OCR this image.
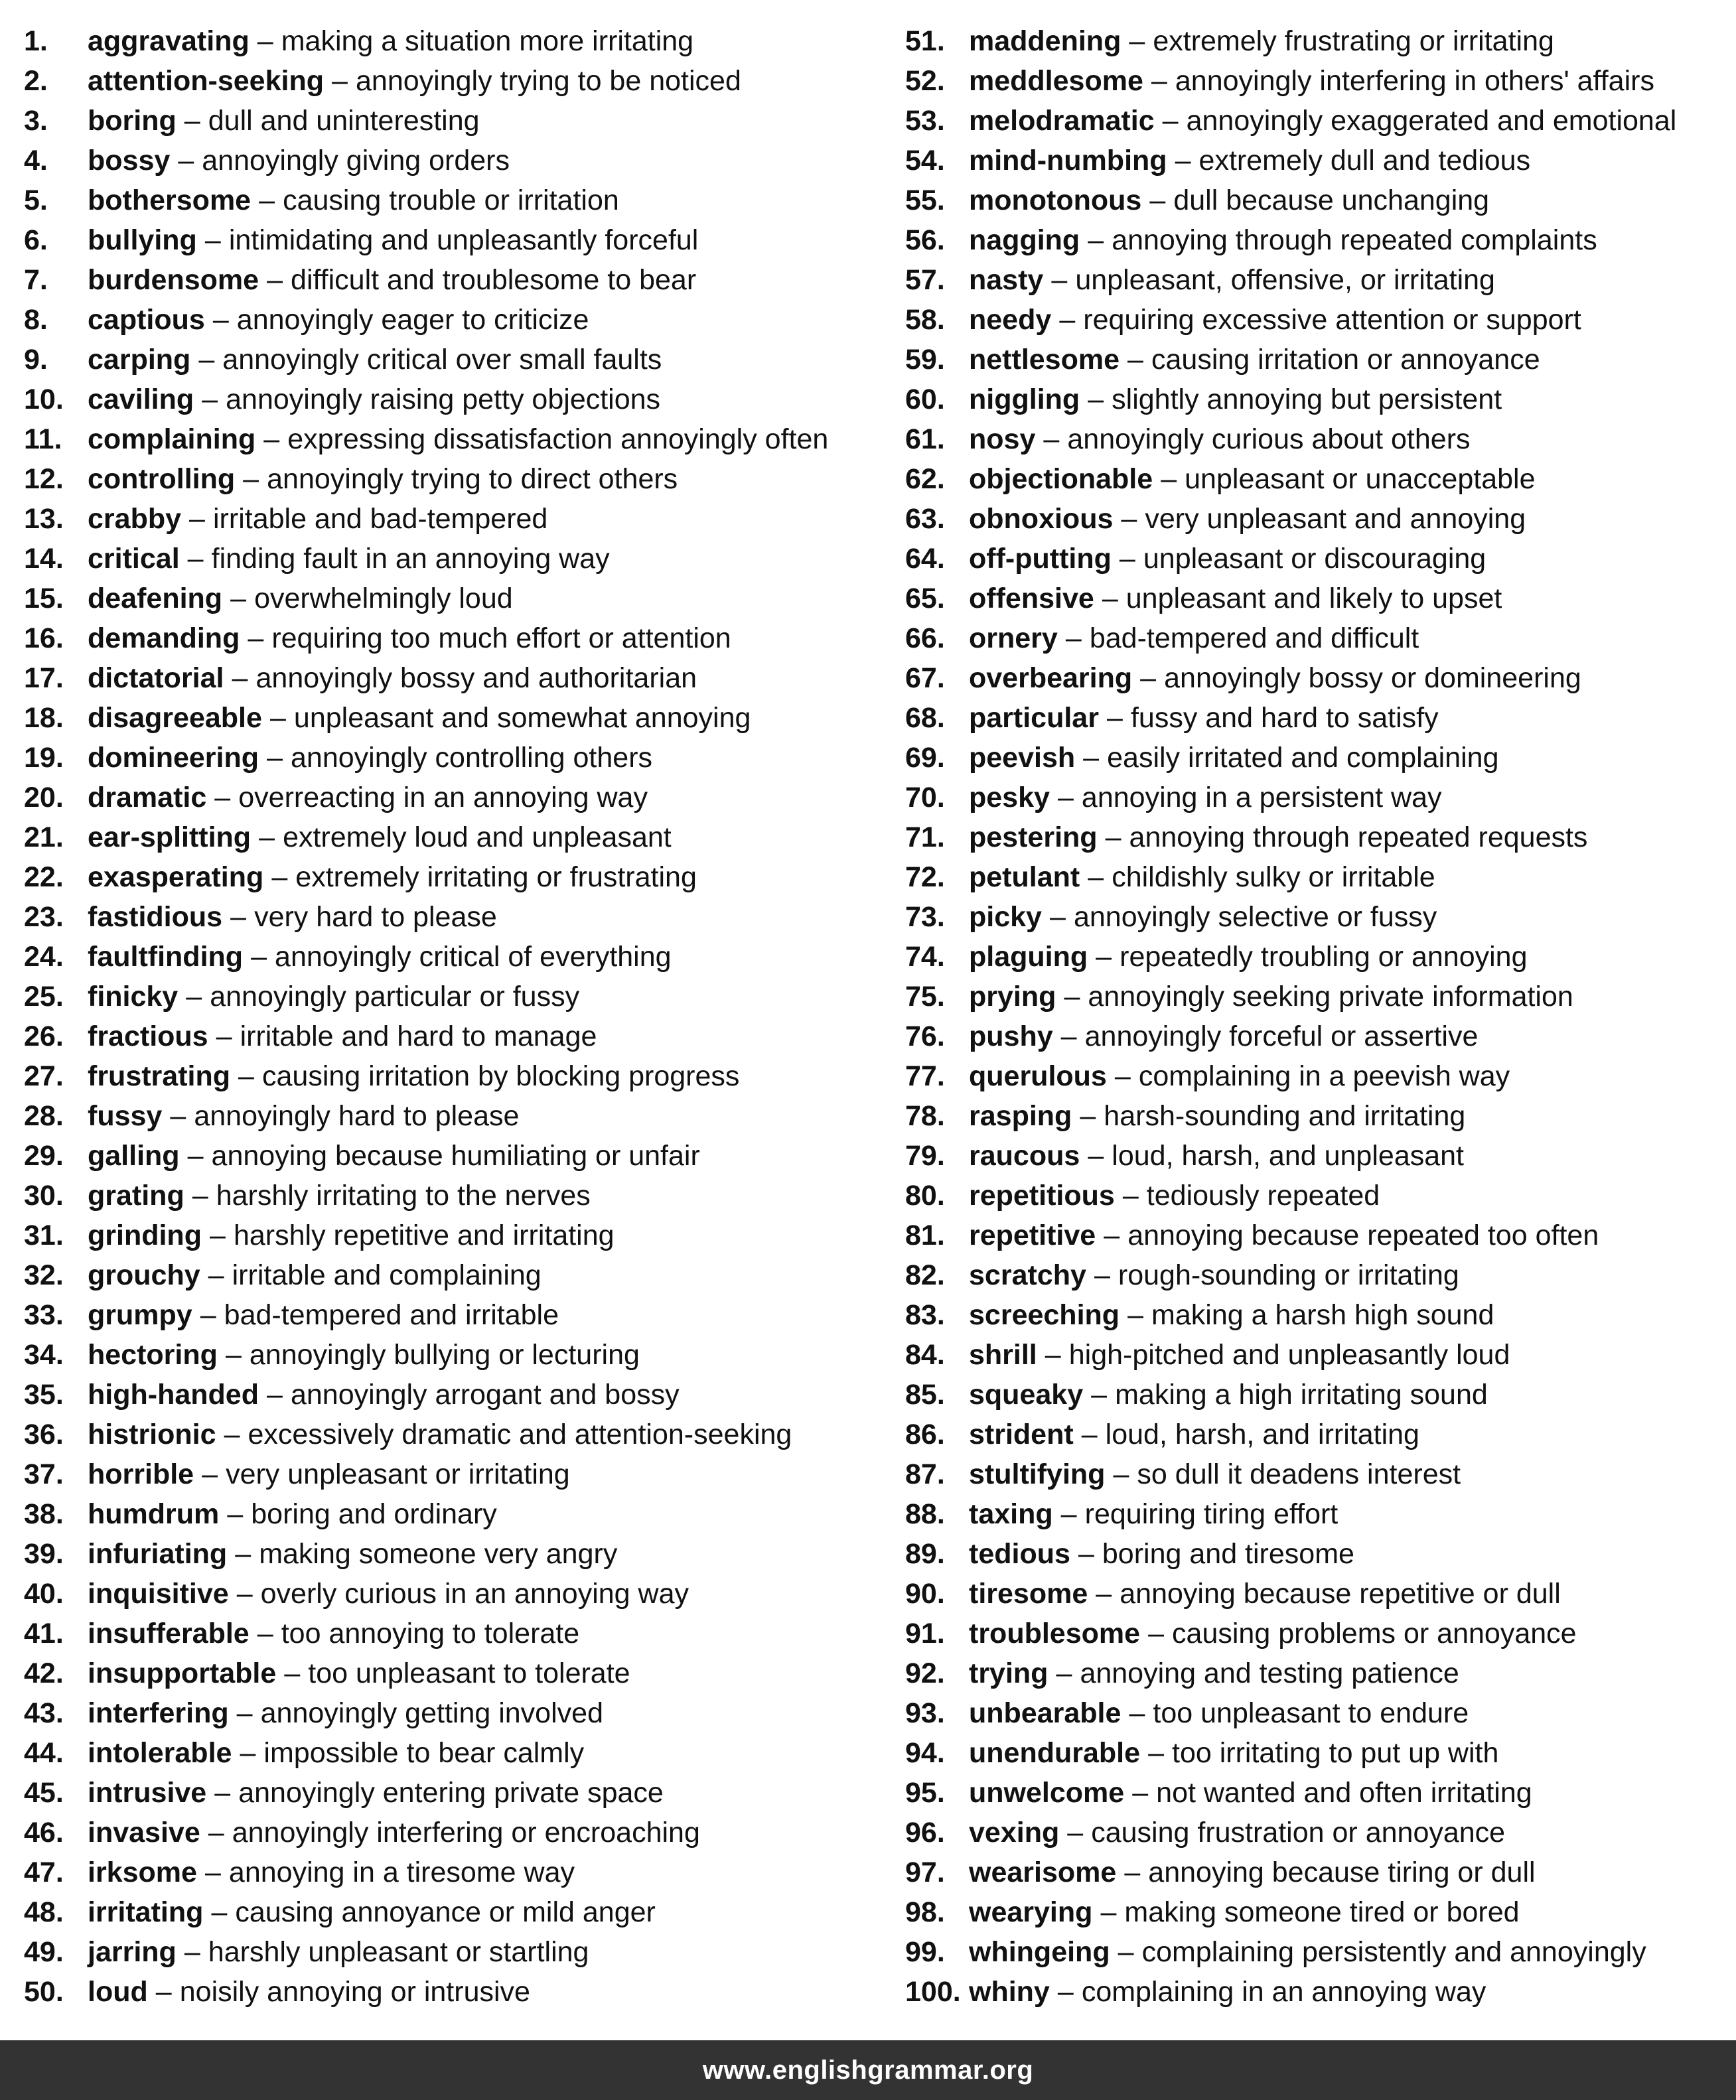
1.	aggravating – making a situation more irritating
2.	attention-seeking – annoyingly trying to be noticed
3.	boring – dull and uninteresting
4.	bossy – annoyingly giving orders
5.	bothersome – causing trouble or irritation
6.	bullying – intimidating and unpleasantly forceful
7.	burdensome – difficult and troublesome to bear
8.	captious – annoyingly eager to criticize
9.	carping – annoyingly critical over small faults
10. caviling – annoyingly raising petty objections
11. complaining – expressing dissatisfaction annoyingly often
12. controlling – annoyingly trying to direct others
13. crabby – irritable and bad-tempered
14. critical – finding fault in an annoying way
15. deafening – overwhelmingly loud
16. demanding – requiring too much effort or attention
17. dictatorial – annoyingly bossy and authoritarian
18. disagreeable – unpleasant and somewhat annoying
19. domineering – annoyingly controlling others
20. dramatic – overreacting in an annoying way
21. ear-splitting – extremely loud and unpleasant
22. exasperating – extremely irritating or frustrating
23. fastidious – very hard to please
24. faultfinding – annoyingly critical of everything
25. finicky – annoyingly particular or fussy
26. fractious – irritable and hard to manage
27. frustrating – causing irritation by blocking progress
28. fussy – annoyingly hard to please
29. galling – annoying because humiliating or unfair
30. grating – harshly irritating to the nerves
31. grinding – harshly repetitive and irritating
32. grouchy – irritable and complaining
33. grumpy – bad-tempered and irritable
34. hectoring – annoyingly bullying or lecturing
35. high-handed – annoyingly arrogant and bossy
36. histrionic – excessively dramatic and attention-seeking
37. horrible – very unpleasant or irritating
38. humdrum – boring and ordinary
39. infuriating – making someone very angry
40. inquisitive – overly curious in an annoying way
41. insufferable – too annoying to tolerate
42. insupportable – too unpleasant to tolerate
43. interfering – annoyingly getting involved
44. intolerable – impossible to bear calmly
45. intrusive – annoyingly entering private space
46. invasive – annoyingly interfering or encroaching
47. irksome – annoying in a tiresome way
48. irritating – causing annoyance or mild anger
49. jarring – harshly unpleasant or startling
50. loud – noisily annoying or intrusive
51. maddening – extremely frustrating or irritating
52. meddlesome – annoyingly interfering in others' affairs
53. melodramatic – annoyingly exaggerated and emotional
54. mind-numbing – extremely dull and tedious
55. monotonous – dull because unchanging
56. nagging – annoying through repeated complaints
57. nasty – unpleasant, offensive, or irritating
58. needy – requiring excessive attention or support
59. nettlesome – causing irritation or annoyance
60. niggling – slightly annoying but persistent
61. nosy – annoyingly curious about others
62. objectionable – unpleasant or unacceptable
63. obnoxious – very unpleasant and annoying
64. off-putting – unpleasant or discouraging
65. offensive – unpleasant and likely to upset
66. ornery – bad-tempered and difficult
67. overbearing – annoyingly bossy or domineering
68. particular – fussy and hard to satisfy
69. peevish – easily irritated and complaining
70. pesky – annoying in a persistent way
71. pestering – annoying through repeated requests
72. petulant – childishly sulky or irritable
73. picky – annoyingly selective or fussy
74. plaguing – repeatedly troubling or annoying
75. prying – annoyingly seeking private information
76. pushy – annoyingly forceful or assertive
77. querulous – complaining in a peevish way
78. rasping – harsh-sounding and irritating
79. raucous – loud, harsh, and unpleasant
80. repetitious – tediously repeated
81. repetitive – annoying because repeated too often
82. scratchy – rough-sounding or irritating
83. screeching – making a harsh high sound
84. shrill – high-pitched and unpleasantly loud
85. squeaky – making a high irritating sound
86. strident – loud, harsh, and irritating
87. stultifying – so dull it deadens interest
88. taxing – requiring tiring effort
89. tedious – boring and tiresome
90. tiresome – annoying because repetitive or dull
91. troublesome – causing problems or annoyance
92. trying – annoying and testing patience
93. unbearable – too unpleasant to endure
94. unendurable – too irritating to put up with
95. unwelcome – not wanted and often irritating
96. vexing – causing frustration or annoyance
97. wearisome – annoying because tiring or dull
98. wearying – making someone tired or bored
99. whingeing – complaining persistently and annoyingly
100. whiny – complaining in an annoying way
www.englishgrammar.org
